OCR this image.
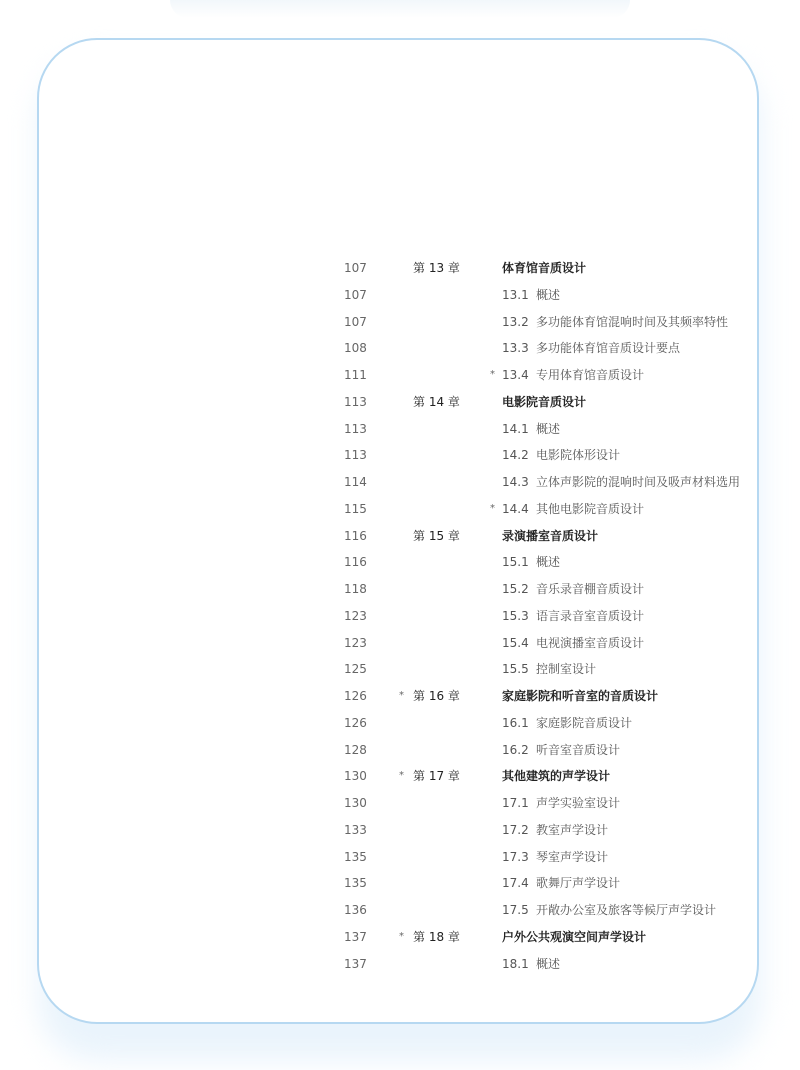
107	第 13 章	体育馆音质设计
107	13.1 概述
107	13.2 多功能体育馆混响时间及其频率特性
108	13.3 多功能体育馆音质设计要点
111	* 13.4 专用体育馆音质设计
113	第 14 章	电影院音质设计
113	14.1 概述
113	14.2 电影院体形设计
114	14.3 立体声影院的混响时间及吸声材料选用
115	* 14.4 其他电影院音质设计
116	第 15 章	录演播室音质设计
116	15.1 概述
118	15.2 音乐录音棚音质设计
123	15.3 语言录音室音质设计
123	15.4 电视演播室音质设计
125	15.5 控制室设计
126	* 第 16 章	家庭影院和听音室的音质设计
126	16.1 家庭影院音质设计
128	16.2 听音室音质设计
130	* 第 17 章	其他建筑的声学设计
130	17.1 声学实验室设计
133	17.2 教室声学设计
135	17.3 琴室声学设计
135	17.4 歌舞厅声学设计
136	17.5 开敞办公室及旅客等候厅声学设计
137	* 第 18 章	户外公共观演空间声学设计
137	18.1 概述
